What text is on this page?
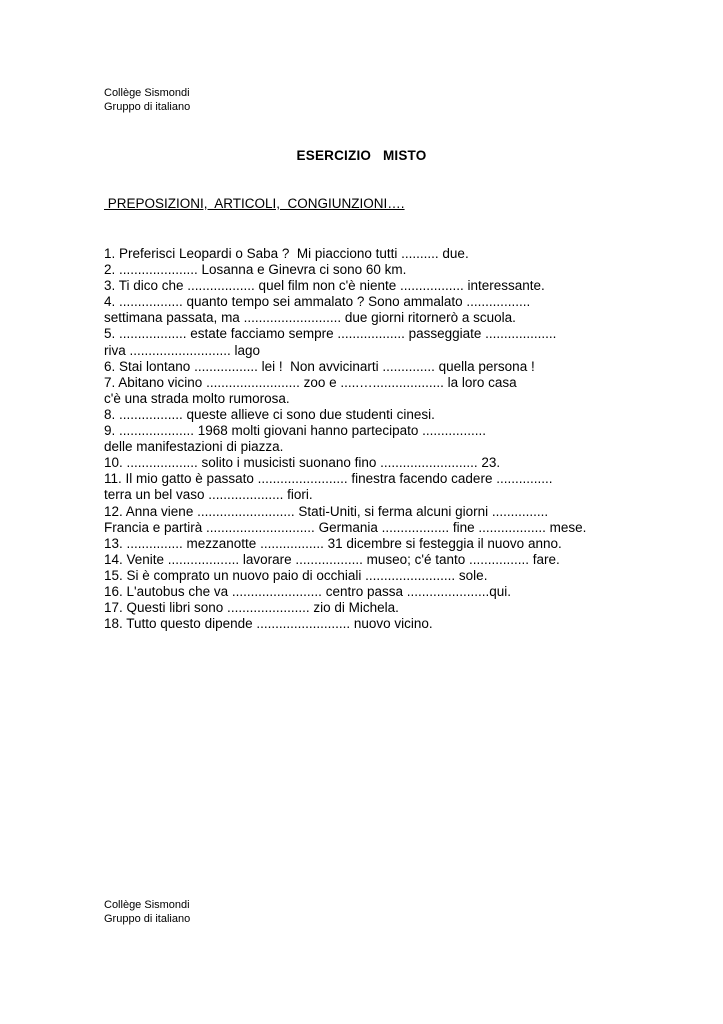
Collège Sismondi
Gruppo di italiano
ESERCIZIO   MISTO
PREPOSIZIONI,  ARTICOLI,  CONGIUNZIONI….
1. Preferisci Leopardi o Saba ?  Mi piacciono tutti .......... due.
2. ..................... Losanna e Ginevra ci sono 60 km.
3. Ti dico che .................. quel film non c'è niente ................. interessante.
4. ................. quanto tempo sei ammalato ? Sono ammalato .................
settimana passata, ma .......................... due giorni ritornerò a scuola.
5. .................. estate facciamo sempre .................. passeggiate ...................
riva ........................... lago
6. Stai lontano ................. lei !  Non avvicinarti .............. quella persona !
7. Abitano vicino ......................... zoo e .....…................... la loro casa
c'è una strada molto rumorosa.
8. ................. queste allieve ci sono due studenti cinesi.
9. .................... 1968 molti giovani hanno partecipato .................
delle manifestazioni di piazza.
10. ................... solito i musicisti suonano fino .......................... 23.
11. Il mio gatto è passato ........................ finestra facendo cadere ...............
terra un bel vaso .................... fiori.
12. Anna viene .......................... Stati-Uniti, si ferma alcuni giorni ...............
Francia e partirà ............................. Germania .................. fine .................. mese.
13. ............... mezzanotte ................. 31 dicembre si festeggia il nuovo anno.
14. Venite ................... lavorare .................. museo; c'é tanto ................ fare.
15. Si è comprato un nuovo paio di occhiali ........................ sole.
16. L'autobus che va ........................ centro passa ......................qui.
17. Questi libri sono ...................... zio di Michela.
18. Tutto questo dipende ......................... nuovo vicino.
Collège Sismondi
Gruppo di italiano
